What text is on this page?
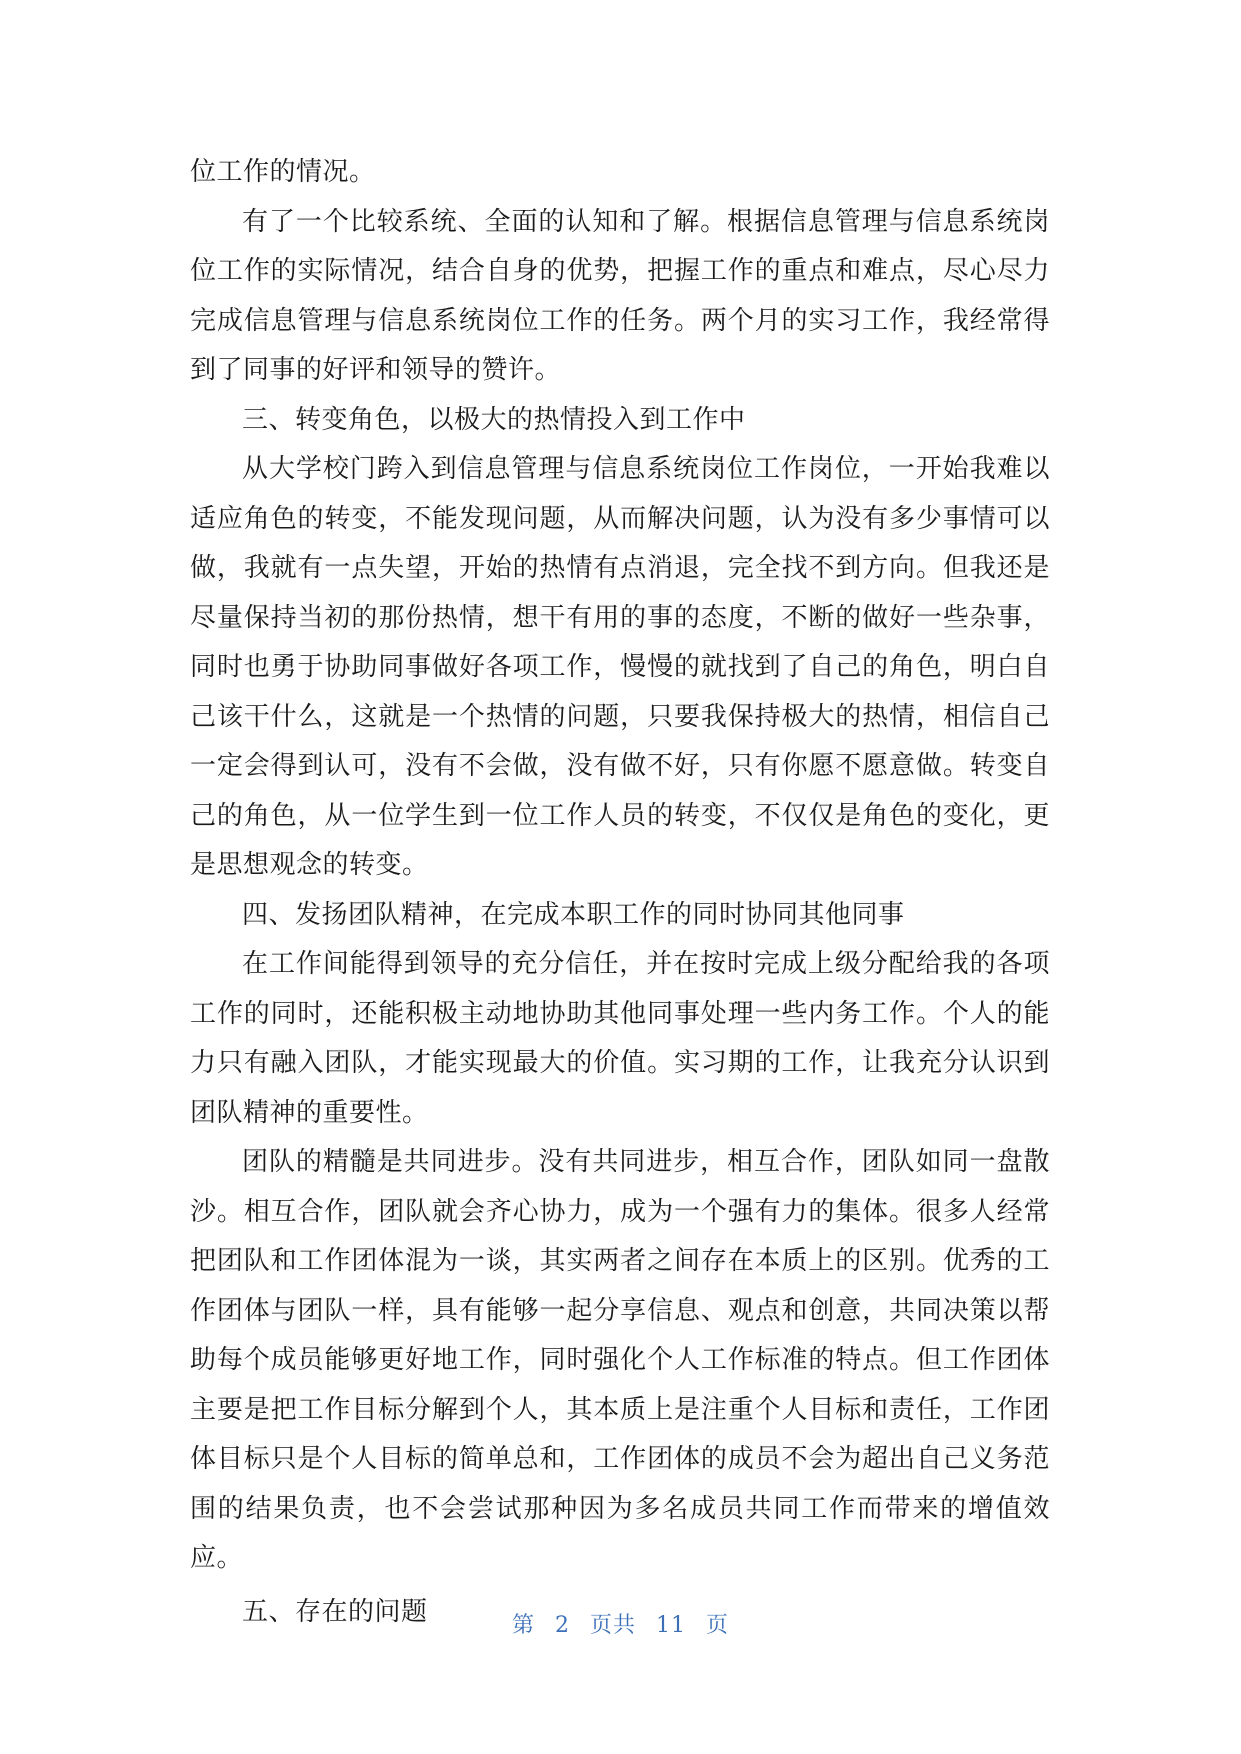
位工作的情况。

有了一个比较系统、全面的认知和了解。根据信息管理与信息系统岗位工作的实际情况，结合自身的优势，把握工作的重点和难点，尽心尽力完成信息管理与信息系统岗位工作的任务。两个月的实习工作，我经常得到了同事的好评和领导的赞许。

三、转变角色，以极大的热情投入到工作中

从大学校门跨入到信息管理与信息系统岗位工作岗位，一开始我难以适应角色的转变，不能发现问题，从而解决问题，认为没有多少事情可以做，我就有一点失望，开始的热情有点消退，完全找不到方向。但我还是尽量保持当初的那份热情，想干有用的事的态度，不断的做好一些杂事，同时也勇于协助同事做好各项工作，慢慢的就找到了自己的角色，明白自己该干什么，这就是一个热情的问题，只要我保持极大的热情，相信自己一定会得到认可，没有不会做，没有做不好，只有你愿不愿意做。转变自己的角色，从一位学生到一位工作人员的转变，不仅仅是角色的变化，更是思想观念的转变。

四、发扬团队精神，在完成本职工作的同时协同其他同事

在工作间能得到领导的充分信任，并在按时完成上级分配给我的各项工作的同时，还能积极主动地协助其他同事处理一些内务工作。个人的能力只有融入团队，才能实现最大的价值。实习期的工作，让我充分认识到团队精神的重要性。

团队的精髓是共同进步。没有共同进步，相互合作，团队如同一盘散沙。相互合作，团队就会齐心协力，成为一个强有力的集体。很多人经常把团队和工作团体混为一谈，其实两者之间存在本质上的区别。优秀的工作团体与团队一样，具有能够一起分享信息、观点和创意，共同决策以帮助每个成员能够更好地工作，同时强化个人工作标准的特点。但工作团体主要是把工作目标分解到个人，其本质上是注重个人目标和责任，工作团体目标只是个人目标的简单总和，工作团体的成员不会为超出自己义务范围的结果负责，也不会尝试那种因为多名成员共同工作而带来的增值效应。

五、存在的问题	第 2 页共 11 页
